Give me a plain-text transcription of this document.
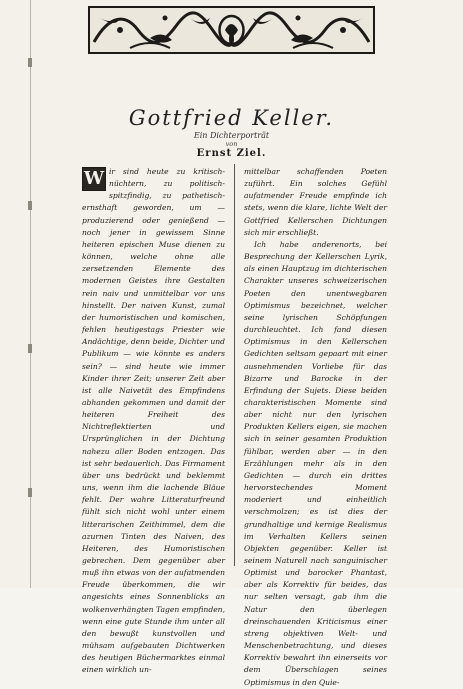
Gottfried Keller.
Ein Dichterporträt
von
Ernst Ziel.

W ir sind heute zu kritisch-nüchtern, zu politisch-spitzfindig, zu pathetisch-ernsthaft geworden, um — produzierend oder genießend — noch jener in gewissem Sinne heiteren epischen Muse dienen zu können, welche ohne alle zersetzenden Elemente des modernen Geistes ihre Gestalten rein naiv und unmittelbar vor uns hinstellt. Der naiven Kunst, zumal der humoristischen und komischen, fehlen heutigestags Priester wie Andächtige, denn beide, Dichter und Publikum — wie könnte es anders sein? — sind heute wie immer Kinder ihrer Zeit; unserer Zeit aber ist alle Naivetät des Empfindens abhanden gekommen und damit der heiteren Freiheit des Nichtreflektierten und Ursprünglichen in der Dichtung nahezu aller Boden entzogen. Das ist sehr bedauerlich. Das Firmament über uns bedrückt und beklemmt uns, wenn ihm die lachende Bläue fehlt. Der wahre Litteraturfreund fühlt sich nicht wohl unter einem litterarischen Zeithimmel, dem die azurnen Tinten des Naiven, des Heiteren, des Humoristischen gebrechen. Dem gegenüber aber muß ihn etwas von der aufatmenden Freude überkommen, die wir angesichts eines Sonnenblicks an wolkenverhängten Tagen empfinden, wenn eine gute Stunde ihm unter all den bewußt kunstvollen und mühsam aufgebauten Dichtwerken des heutigen Büchermarktes einmal einen wirklich un-

mittelbar schaffenden Poeten zuführt. Ein solches Gefühl aufatmender Freude empfinde ich stets, wenn die klare, lichte Welt der Gottfried Kellerschen Dichtungen sich mir erschließt.

Ich habe anderenorts, bei Besprechung der Kellerschen Lyrik, als einen Hauptzug im dichterischen Charakter unseres schweizerischen Poeten den unentwegbaren Optimismus bezeichnet, welcher seine lyrischen Schöpfungen durchleuchtet. Ich fand diesen Optimismus in den Kellerschen Gedichten seltsam gepaart mit einer ausnehmenden Vorliebe für das Bizarre und Barocke in der Erfindung der Sujets. Diese beiden charakteristischen Momente sind aber nicht nur den lyrischen Produkten Kellers eigen, sie machen sich in seiner gesamten Produktion fühlbar, werden aber — in den Erzählungen mehr als in den Gedichten — durch ein drittes hervorstechendes Moment moderiert und einheitlich verschmolzen; es ist dies der grundhaltige und kernige Realismus im Verhalten Kellers seinen Objekten gegenüber. Keller ist seinem Naturell nach sanguinischer Optimist und barocker Phantast, aber als Korrektiv für beides, das nur selten versagt, gab ihm die Natur den überlegen dreinschauenden Kriticismus einer streng objektiven Welt- und Menschenbetrachtung, und dieses Korrektiv bewahrt ihn einerseits vor dem Überschlagen seines Optimismus in den Quie-
